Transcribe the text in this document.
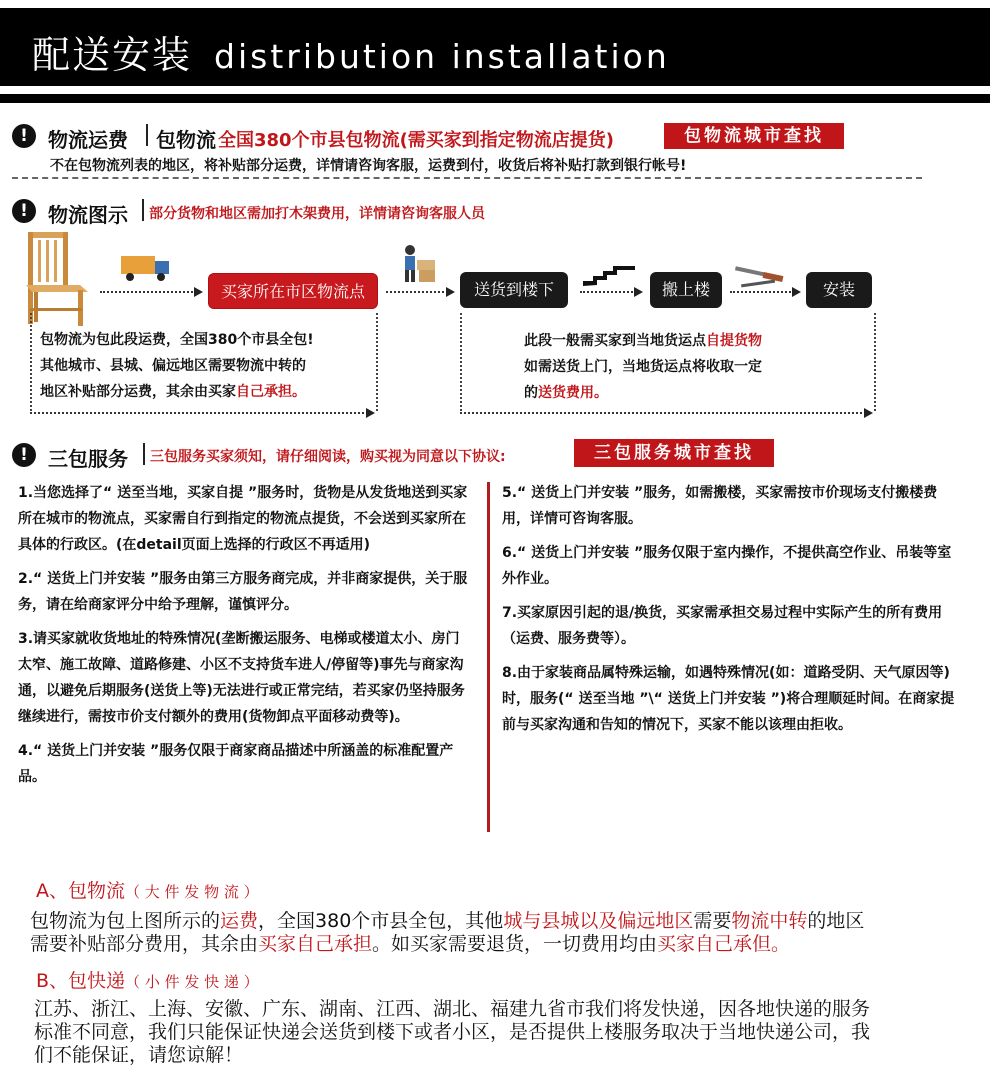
配送安装 distribution installation
!	物流运费 包物流 全国380个市县包物流(需买家到指定物流店提货)	包物流城市查找
不在包物流列表的地区，将补贴部分运费，详情请咨询客服，运费到付，收货后将补贴打款到银行帐号!
!	物流图示 部分货物和地区需加打木架费用，详情请咨询客服人员
买家所在市区物流点	送货到楼下	搬上楼	安装
包物流为包此段运费，全国380个市县全包!
其他城市、县城、偏远地区需要物流中转的
地区补贴部分运费，其余由买家自己承担。
此段一般需买家到当地货运点自提货物
如需送货上门，当地货运点将收取一定
的送货费用。
!	三包服务 三包服务买家须知，请仔细阅读，购买视为同意以下协议:	三包服务城市查找
1.当您选择了“ 送至当地，买家自提 ”服务时，货物是从发货地送到买家所在城市的物流点，买家需自行到指定的物流点提货，不会送到买家所在具体的行政区。(在detail页面上选择的行政区不再适用)
2.“ 送货上门并安装 ”服务由第三方服务商完成，并非商家提供，关于服务，请在给商家评分中给予理解，谨慎评分。
3.请买家就收货地址的特殊情况(垄断搬运服务、电梯或楼道太小、房门太窄、施工故障、道路修建、小区不支持货车进人/停留等)事先与商家沟通，以避免后期服务(送货上等)无法进行或正常完结，若买家仍坚持服务继续进行，需按市价支付额外的费用(货物卸点平面移动费等)。
4.“ 送货上门并安装 ”服务仅限于商家商品描述中所涵盖的标准配置产品。
5.“ 送货上门并安装 ”服务，如需搬楼，买家需按市价现场支付搬楼费用，详情可咨询客服。
6.“ 送货上门并安装 ”服务仅限于室内操作，不提供高空作业、吊装等室外作业。
7.买家原因引起的退/换货，买家需承担交易过程中实际产生的所有费用（运费、服务费等）。
8.由于家装商品属特殊运输，如遇特殊情况(如：道路受阴、天气原因等)时，服务(“ 送至当地 ”\“ 送货上门并安装 ”)将合理顺延时间。在商家提前与买家沟通和告知的情况下，买家不能以该理由拒收。
A、包物流（ 大 件 发 物 流 ）
包物流为包上图所示的运费，全国380个市县全包，其他城与县城以及偏远地区需要物流中转的地区
需要补贴部分费用，其余由买家自己承担。如买家需要退货，一切费用均由买家自己承但。
B、包快递（ 小 件 发 快 递 ）
江苏、浙江、上海、安徽、广东、湖南、江西、湖北、福建九省市我们将发快递，因各地快递的服务
标准不同意，我们只能保证快递会送货到楼下或者小区，是否提供上楼服务取决于当地快递公司，我
们不能保证，请您谅解！
